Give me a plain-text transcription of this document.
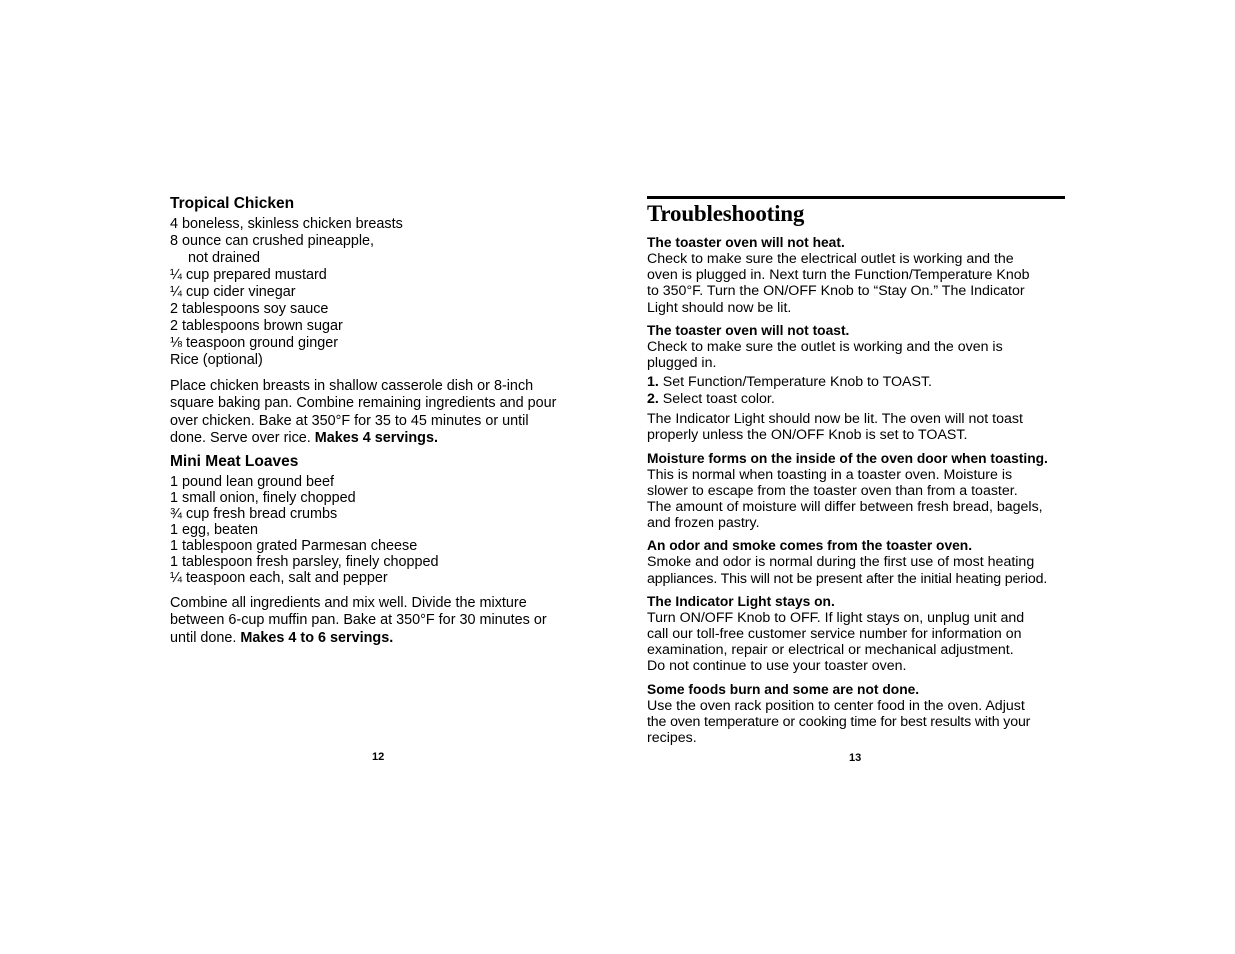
Tropical Chicken
4 boneless, skinless chicken breasts
8 ounce can crushed pineapple,
not drained
¼ cup prepared mustard
¼ cup cider vinegar
2 tablespoons soy sauce
2 tablespoons brown sugar
⅛ teaspoon ground ginger
Rice (optional)
Place chicken breasts in shallow casserole dish or 8-inch
square baking pan. Combine remaining ingredients and pour
over chicken. Bake at 350°F for 35 to 45 minutes or until
done. Serve over rice. Makes 4 servings.
Mini Meat Loaves
1 pound lean ground beef
1 small onion, finely chopped
¾ cup fresh bread crumbs
1 egg, beaten
1 tablespoon grated Parmesan cheese
1 tablespoon fresh parsley, finely chopped
¼ teaspoon each, salt and pepper
Combine all ingredients and mix well. Divide the mixture
between 6-cup muffin pan. Bake at 350°F for 30 minutes or
until done. Makes 4 to 6 servings.
12
Troubleshooting
The toaster oven will not heat.
Check to make sure the electrical outlet is working and the
oven is plugged in. Next turn the Function/Temperature Knob
to 350°F. Turn the ON/OFF Knob to “Stay On.” The Indicator
Light should now be lit.
The toaster oven will not toast.
Check to make sure the outlet is working and the oven is
plugged in.
1. Set Function/Temperature Knob to TOAST.
2. Select toast color.
The Indicator Light should now be lit. The oven will not toast
properly unless the ON/OFF Knob is set to TOAST.
Moisture forms on the inside of the oven door when toasting.
This is normal when toasting in a toaster oven. Moisture is
slower to escape from the toaster oven than from a toaster.
The amount of moisture will differ between fresh bread, bagels,
and frozen pastry.
An odor and smoke comes from the toaster oven.
Smoke and odor is normal during the first use of most heating
appliances. This will not be present after the initial heating period.
The Indicator Light stays on.
Turn ON/OFF Knob to OFF. If light stays on, unplug unit and
call our toll-free customer service number for information on
examination, repair or electrical or mechanical adjustment.
Do not continue to use your toaster oven.
Some foods burn and some are not done.
Use the oven rack position to center food in the oven. Adjust
the oven temperature or cooking time for best results with your
recipes.
13
